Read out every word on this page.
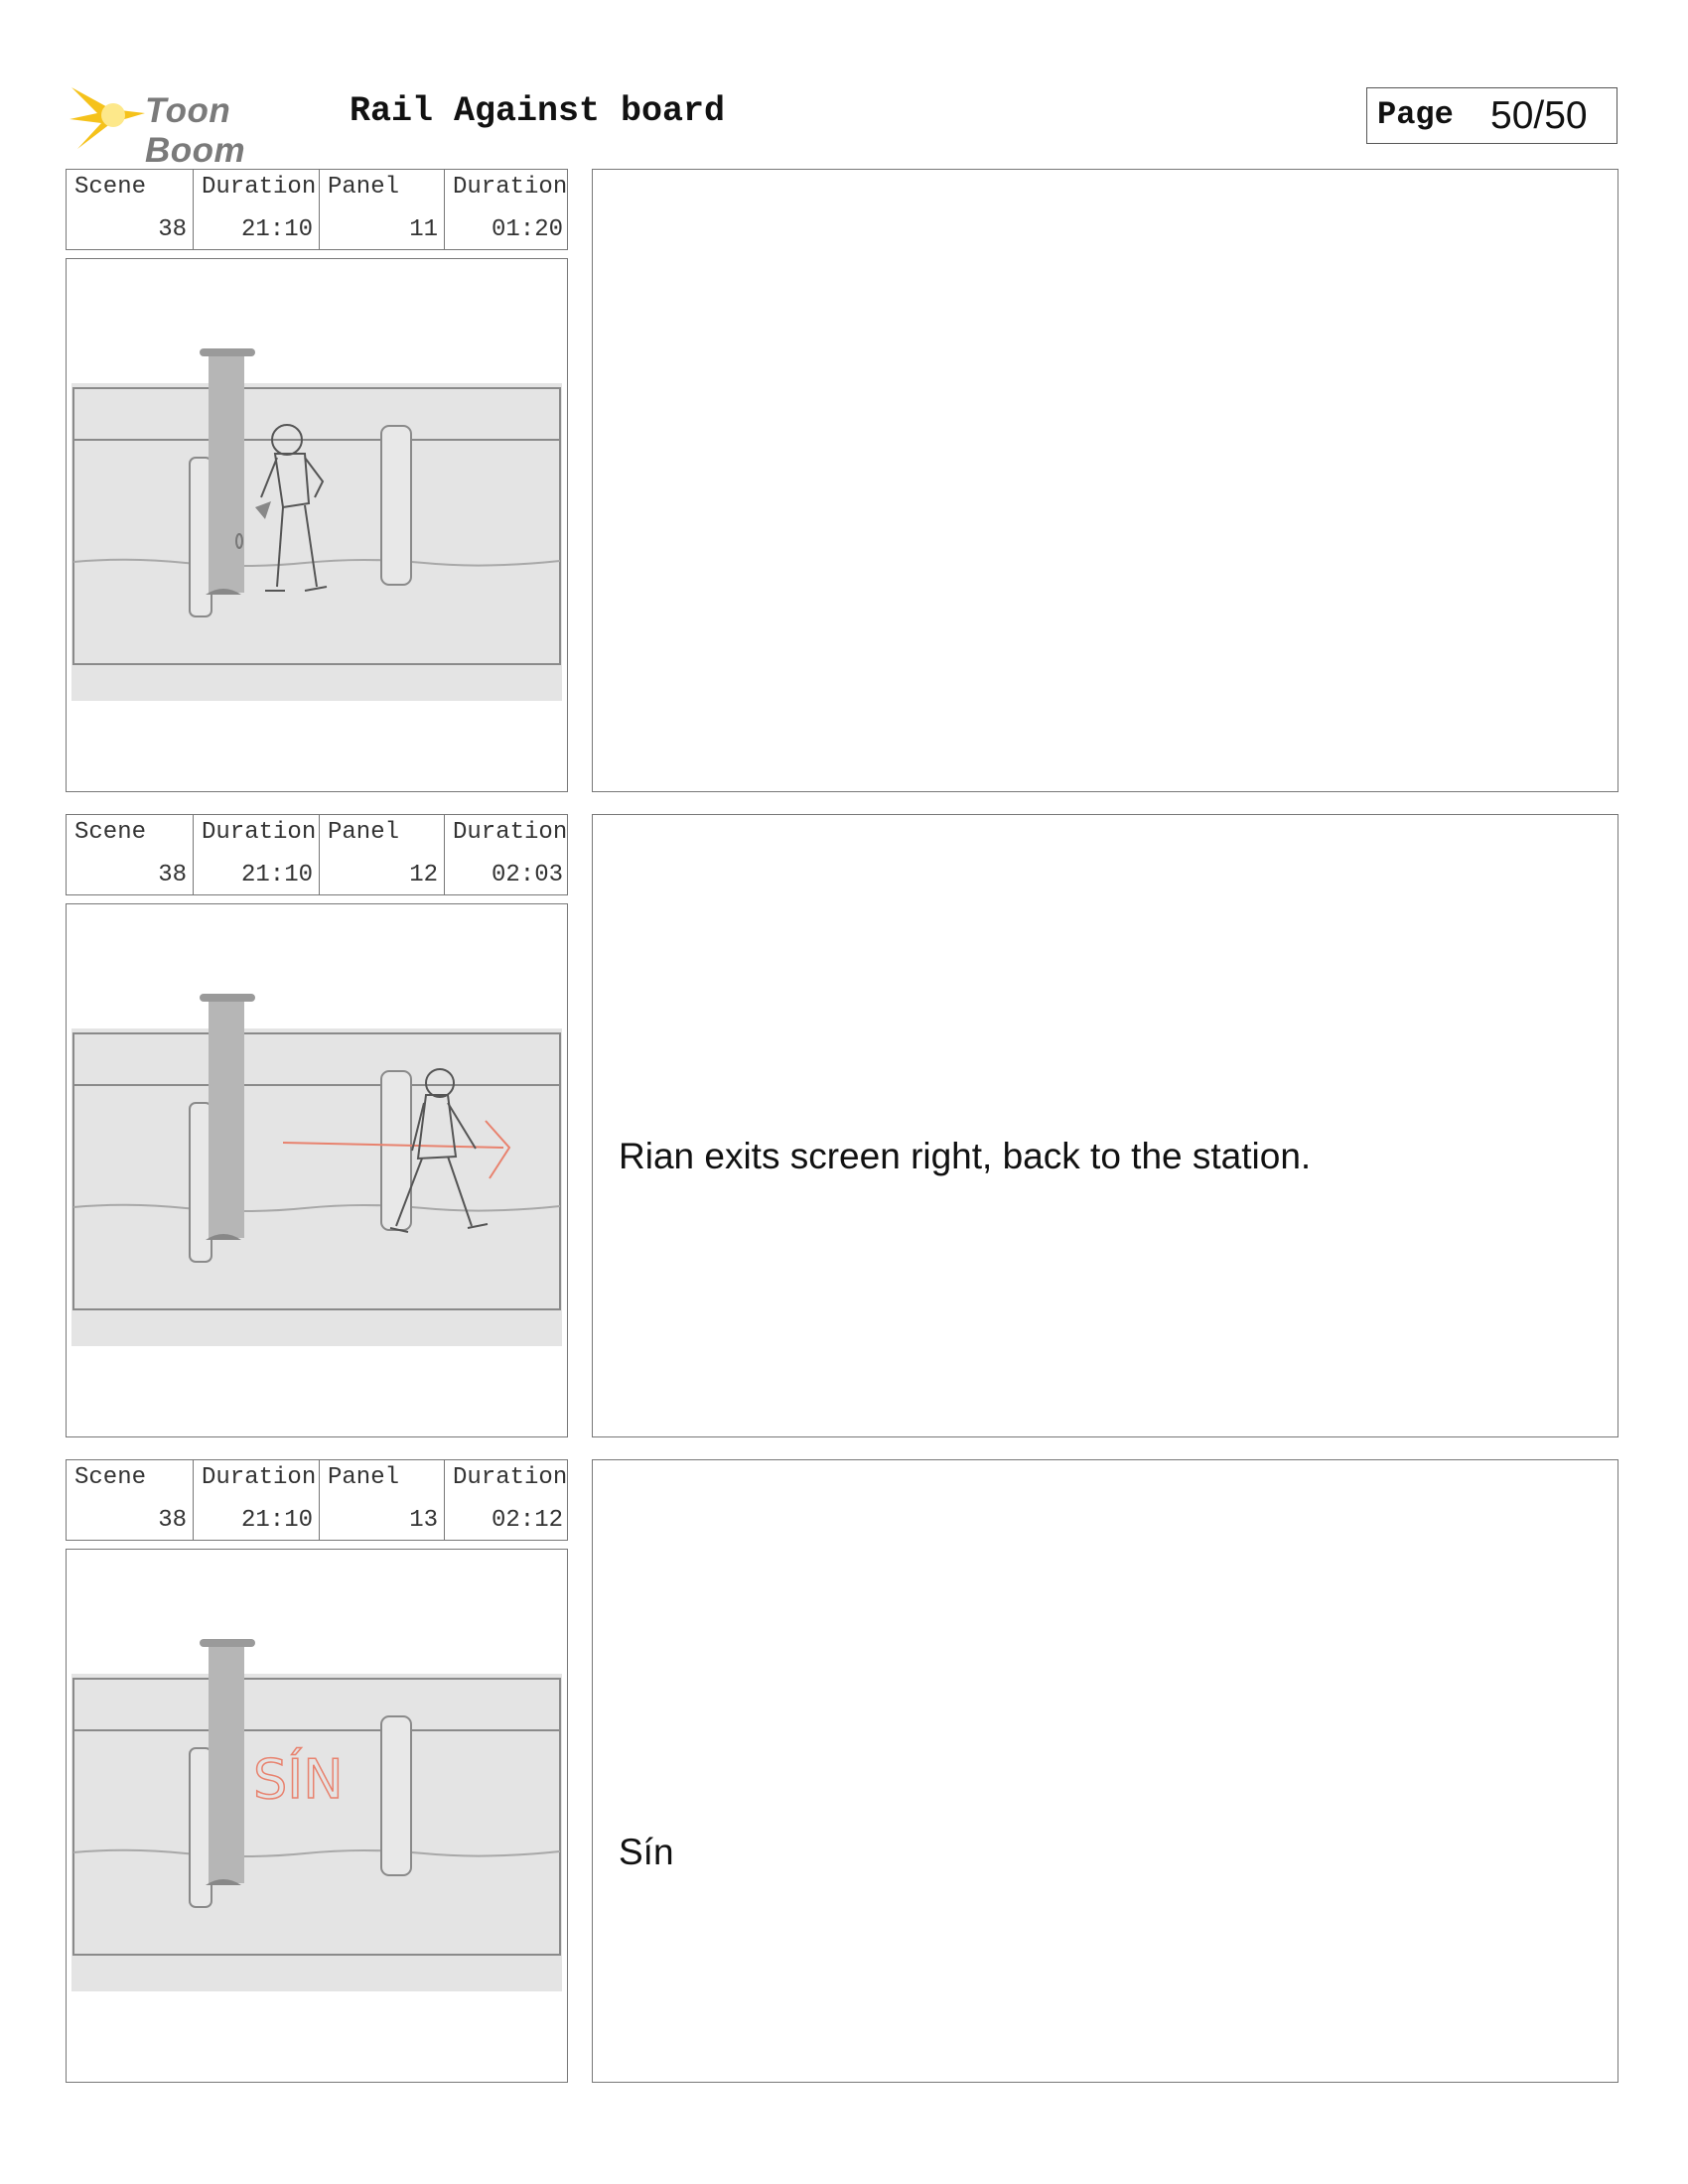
Toon Boom
Rail Against board	Page 50/50
Scene
38
Duration
21:10
Panel
11
Duration
01:20
Scene
38
Duration
21:10
Panel
12
Duration
02:03
Rian exits screen right, back to the station.
Scene
38
Duration
21:10
Panel
13
Duration
02:12
SÍN
Sín
